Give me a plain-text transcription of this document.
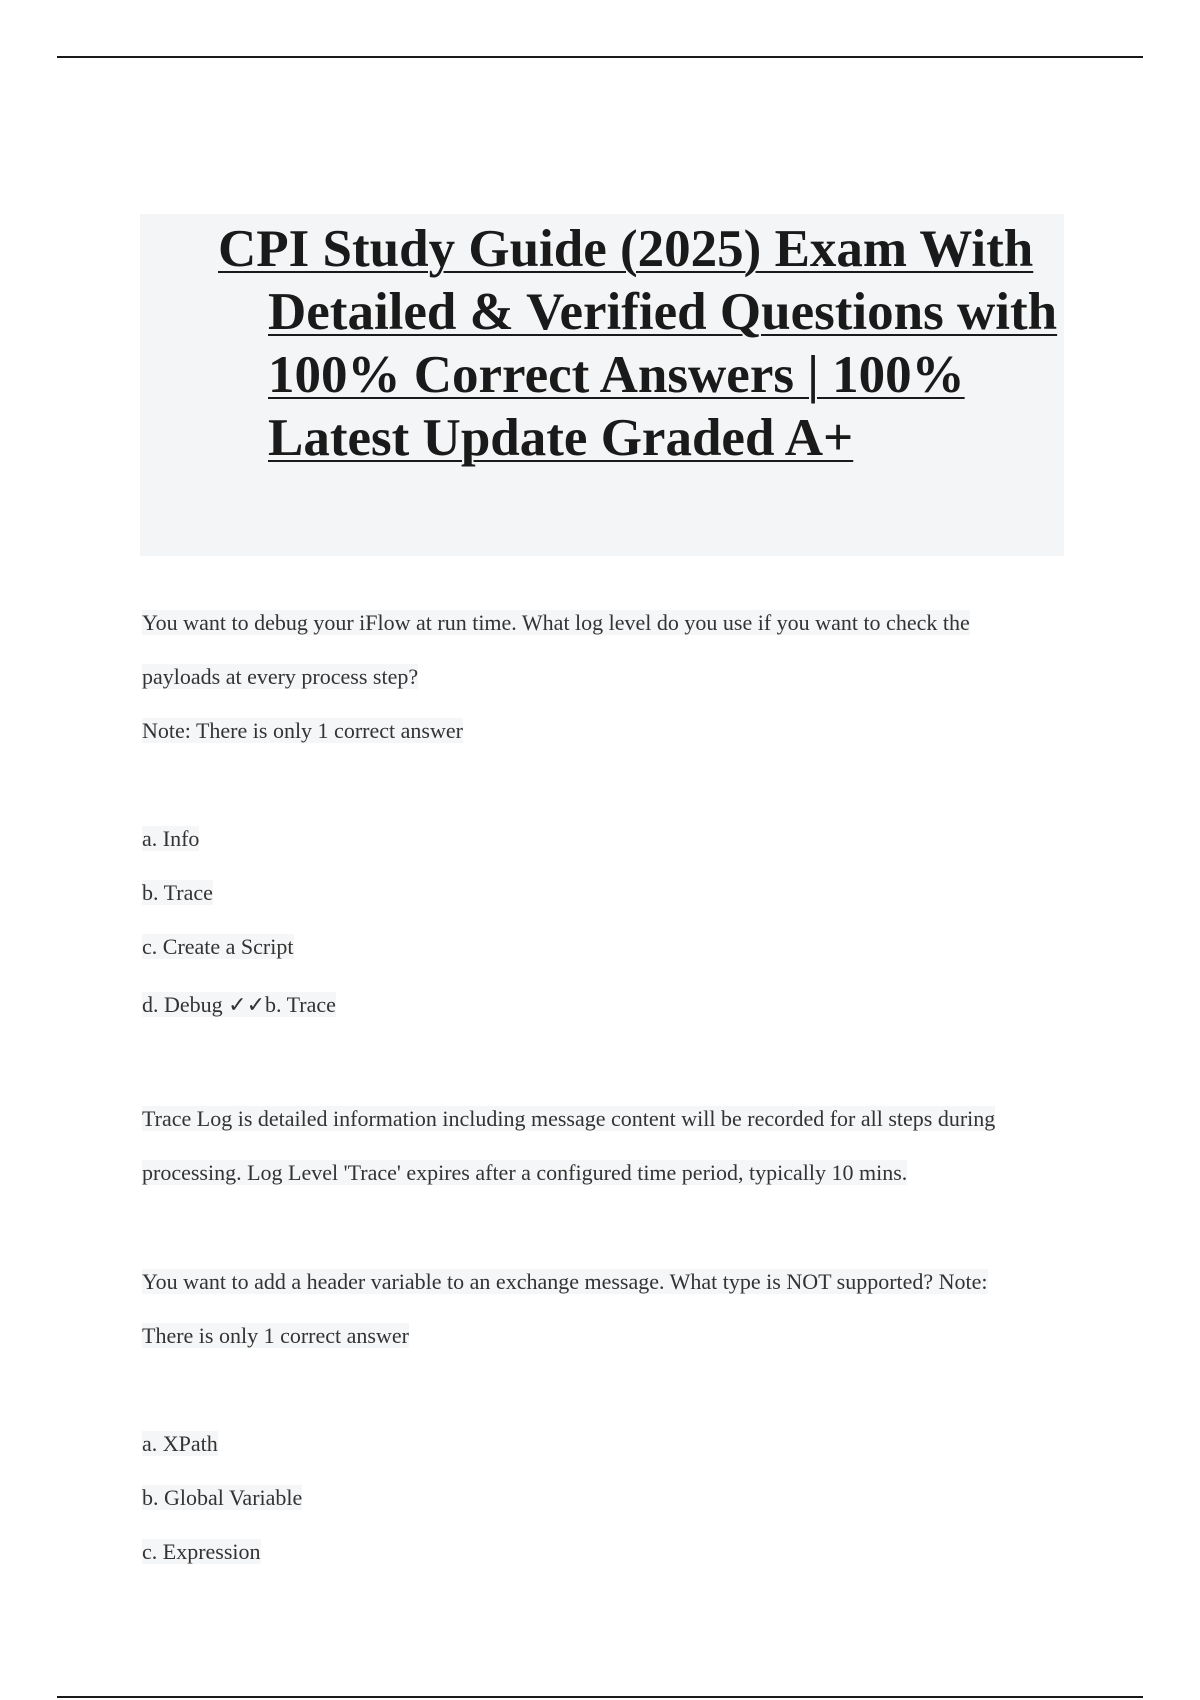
CPI Study Guide (2025) Exam With Detailed & Verified Questions with 100% Correct Answers | 100% Latest Update Graded A+

You want to debug your iFlow at run time. What log level do you use if you want to check the

payloads at every process step?

Note: There is only 1 correct answer

a. Info

b. Trace

c. Create a Script

d. Debug ✓✓b. Trace

Trace Log is detailed information including message content will be recorded for all steps during

processing. Log Level 'Trace' expires after a configured time period, typically 10 mins.

You want to add a header variable to an exchange message. What type is NOT supported? Note:

There is only 1 correct answer

a. XPath

b. Global Variable

c. Expression
